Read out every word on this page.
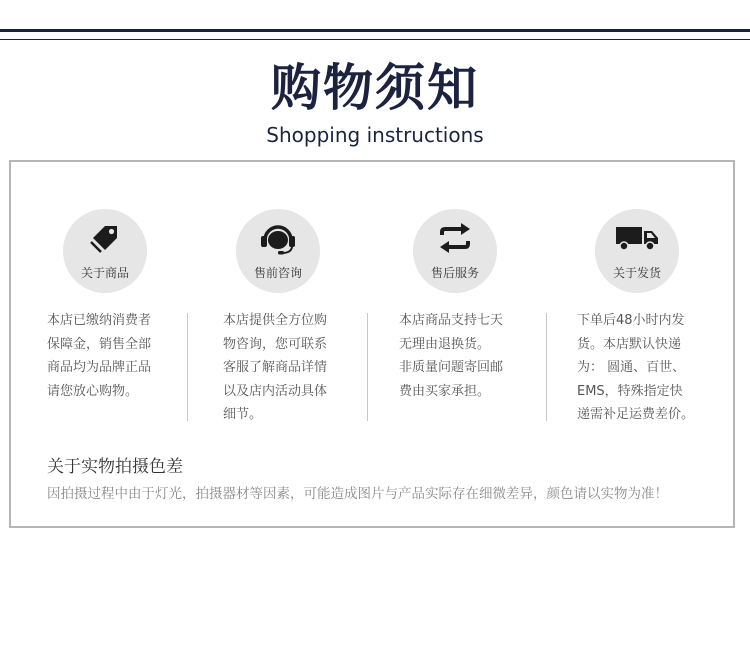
购物须知
Shopping instructions
关于商品	售前咨询	售后服务	关于发货
本店已缴纳消费者
保障金，销售全部
商品均为品牌正品
请您放心购物。
本店提供全方位购
物咨询，您可联系
客服了解商品详情
以及店内活动具体
细节。
本店商品支持七天
无理由退换货。
非质量问题寄回邮
费由买家承担。
下单后48小时内发
货。本店默认快递
为： 圆通、百世、
EMS，特殊指定快
递需补足运费差价。
关于实物拍摄色差
因拍摄过程中由于灯光，拍摄器材等因素，可能造成图片与产品实际存在细微差异，颜色请以实物为准！
